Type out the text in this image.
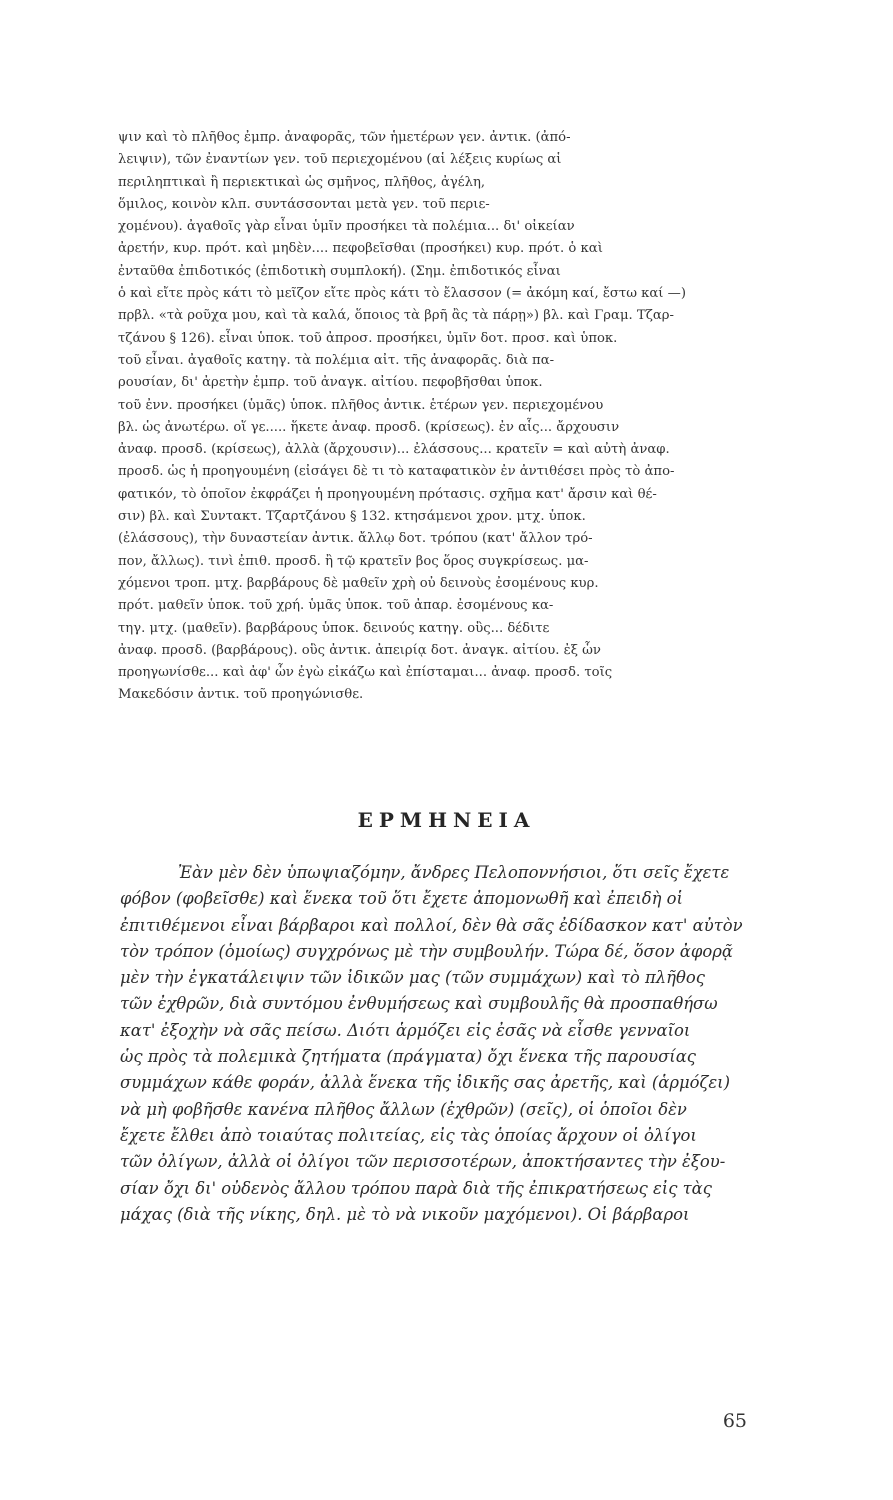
ψιν καὶ τὸ πλῆθος ἐμπρ. ἀναφορᾶς, τῶν ἡμετέρων γεν. ἀντικ. (ἀπό-
λειψιν), τῶν ἐναντίων γεν. τοῦ περιεχομένου (αἱ λέξεις κυρίως αἱ
περιληπτικαὶ ἢ περιεκτικαὶ ὡς σμῆνος, πλῆθος, ἀγέλη,
ὅμιλος, κοινὸν κλπ. συντάσσονται μετὰ γεν. τοῦ περιε-
χομένου). ἀγαθοῖς γὰρ εἶναι ὑμῖν προσήκει τὰ πολέμια... δι' οἰκείαν
ἀρετήν, κυρ. πρότ. καὶ μηδὲν.... πεφοβεῖσθαι (προσήκει) κυρ. πρότ. ὁ καὶ
ἐνταῦθα ἐπιδοτικός (ἐπιδοτικὴ συμπλοκή). (Σημ. ἐπιδοτικός εἶναι
ὁ καὶ εἴτε πρὸς κάτι τὸ μεῖζον εἴτε πρὸς κάτι τὸ ἔλασσον (= ἀκόμη καί, ἔστω καί —)
πρβλ. «τὰ ροῦχα μου, καὶ τὰ καλά, ὅποιος τὰ βρῆ ἂς τὰ πάρῃ») βλ. καὶ Γραμ. Τζαρ-
τζάνου § 126). εἶναι ὑποκ. τοῦ ἀπροσ. προσήκει, ὑμῖν δοτ. προσ. καὶ ὑποκ.
τοῦ εἶναι. ἀγαθοῖς κατηγ. τὰ πολέμια αἰτ. τῆς ἀναφορᾶς. διὰ πα-
ρουσίαν, δι' ἀρετὴν ἐμπρ. τοῦ ἀναγκ. αἰτίου. πεφοβῆσθαι ὑποκ.
τοῦ ἐνν. προσήκει (ὑμᾶς) ὑποκ. πλῆθος ἀντικ. ἑτέρων γεν. περιεχομένου
βλ. ὡς ἀνωτέρω. οἵ γε..... ἥκετε ἀναφ. προσδ. (κρίσεως). ἐν αἷς... ἄρχουσιν
ἀναφ. προσδ. (κρίσεως), ἀλλὰ (ἄρχουσιν)... ἐλάσσους... κρατεῖν = καὶ αὐτὴ ἀναφ.
προσδ. ὡς ἡ προηγουμένη (εἰσάγει δὲ τι τὸ καταφατικὸν ἐν ἀντιθέσει πρὸς τὸ ἀπο-
φατικόν, τὸ ὁποῖον ἐκφράζει ἡ προηγουμένη πρότασις. σχῆμα κατ' ἄρσιν καὶ θέ-
σιν) βλ. καὶ Συντακτ. Τζαρτζάνου § 132. κτησάμενοι χρον. μτχ. ὑποκ.
(ἐλάσσους), τὴν δυναστείαν ἀντικ. ἄλλῳ δοτ. τρόπου (κατ' ἄλλον τρό-
πον, ἄλλως). τινὶ ἐπιθ. προσδ. ἢ τῷ κρατεῖν βος ὅρος συγκρίσεως. μα-
χόμενοι τροπ. μτχ. βαρβάρους δὲ μαθεῖν χρὴ οὐ δεινοὺς ἐσομένους κυρ.
πρότ. μαθεῖν ὑποκ. τοῦ χρή. ὑμᾶς ὑποκ. τοῦ ἀπαρ. ἐσομένους κα-
τηγ. μτχ. (μαθεῖν). βαρβάρους ὑποκ. δεινούς κατηγ. οὓς... δέδιτε
ἀναφ. προσδ. (βαρβάρους). οὓς ἀντικ. ἀπειρίᾳ δοτ. ἀναγκ. αἰτίου. ἐξ ὧν
προηγωνίσθε... καὶ ἀφ' ὧν ἐγὼ εἰκάζω καὶ ἐπίσταμαι... ἀναφ. προσδ. τοῖς
Μακεδόσιν ἀντικ. τοῦ προηγώνισθε.

ΕΡΜΗΝΕΙΑ

Ἐὰν μὲν δὲν ὑπωψιαζόμην, ἄνδρες Πελοποννήσιοι, ὅτι σεῖς ἔχετε
φόβον (φοβεῖσθε) καὶ ἕνεκα τοῦ ὅτι ἔχετε ἀπομονωθῆ καὶ ἐπειδὴ οἱ
ἐπιτιθέμενοι εἶναι βάρβαροι καὶ πολλοί, δὲν θὰ σᾶς ἐδίδασκον κατ' αὐτὸν
τὸν τρόπον (ὁμοίως) συγχρόνως μὲ τὴν συμβουλήν. Τώρα δέ, ὅσον ἀφορᾷ
μὲν τὴν ἐγκατάλειψιν τῶν ἰδικῶν μας (τῶν συμμάχων) καὶ τὸ πλῆθος
τῶν ἐχθρῶν, διὰ συντόμου ἐνθυμήσεως καὶ συμβουλῆς θὰ προσπαθήσω
κατ' ἐξοχὴν νὰ σᾶς πείσω. Διότι ἁρμόζει εἰς ἐσᾶς νὰ εἶσθε γενναῖοι
ὡς πρὸς τὰ πολεμικὰ ζητήματα (πράγματα) ὄχι ἕνεκα τῆς παρουσίας
συμμάχων κάθε φοράν, ἀλλὰ ἕνεκα τῆς ἰδικῆς σας ἀρετῆς, καὶ (ἁρμόζει)
νὰ μὴ φοβῆσθε κανένα πλῆθος ἄλλων (ἐχθρῶν) (σεῖς), οἱ ὁποῖοι δὲν
ἔχετε ἔλθει ἀπὸ τοιαύτας πολιτείας, εἰς τὰς ὁποίας ἄρχουν οἱ ὀλίγοι
τῶν ὀλίγων, ἀλλὰ οἱ ὀλίγοι τῶν περισσοτέρων, ἀποκτήσαντες τὴν ἐξου-
σίαν ὄχι δι' οὐδενὸς ἄλλου τρόπου παρὰ διὰ τῆς ἐπικρατήσεως εἰς τὰς
μάχας (διὰ τῆς νίκης, δηλ. μὲ τὸ νὰ νικοῦν μαχόμενοι). Οἱ βάρβαροι

65
